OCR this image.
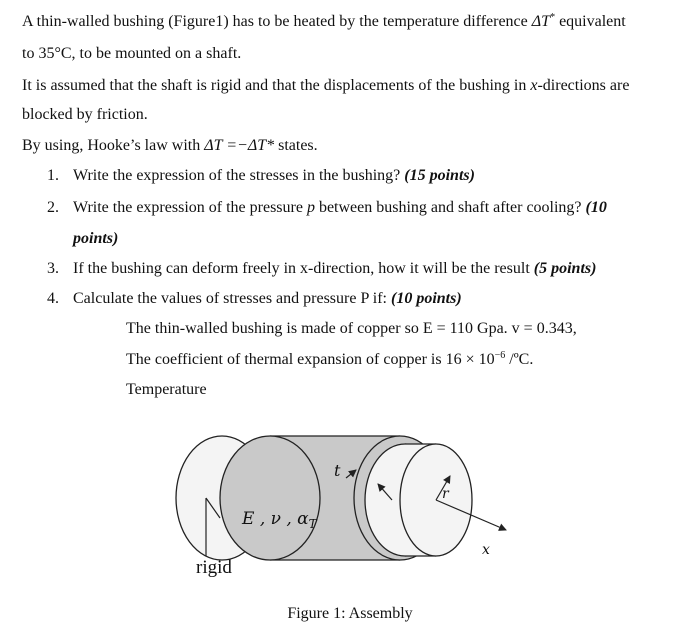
A thin-walled bushing (Figure1) has to be heated by the temperature difference ΔT* equivalent
to 35°C, to be mounted on a shaft.
It is assumed that the shaft is rigid and that the displacements of the bushing in x-directions are
blocked by friction.
By using, Hooke’s law with ΔT =−ΔT* states.
1. Write the expression of the stresses in the bushing? (15 points)
2. Write the expression of the pressure p between bushing and shaft after cooling? (10
points)
3. If the bushing can deform freely in x-direction, how it will be the result (5 points)
4. Calculate the values of stresses and pressure P if: (10 points)
The thin-walled bushing is made of copper so E = 110 Gpa. v = 0.343,
The coefficient of thermal expansion of copper is $16 \times 10^{-6}$ /ºC.
Temperature
t
E , ν , $\alpha_T$
r
x
rigid
Figure 1: Assembly
